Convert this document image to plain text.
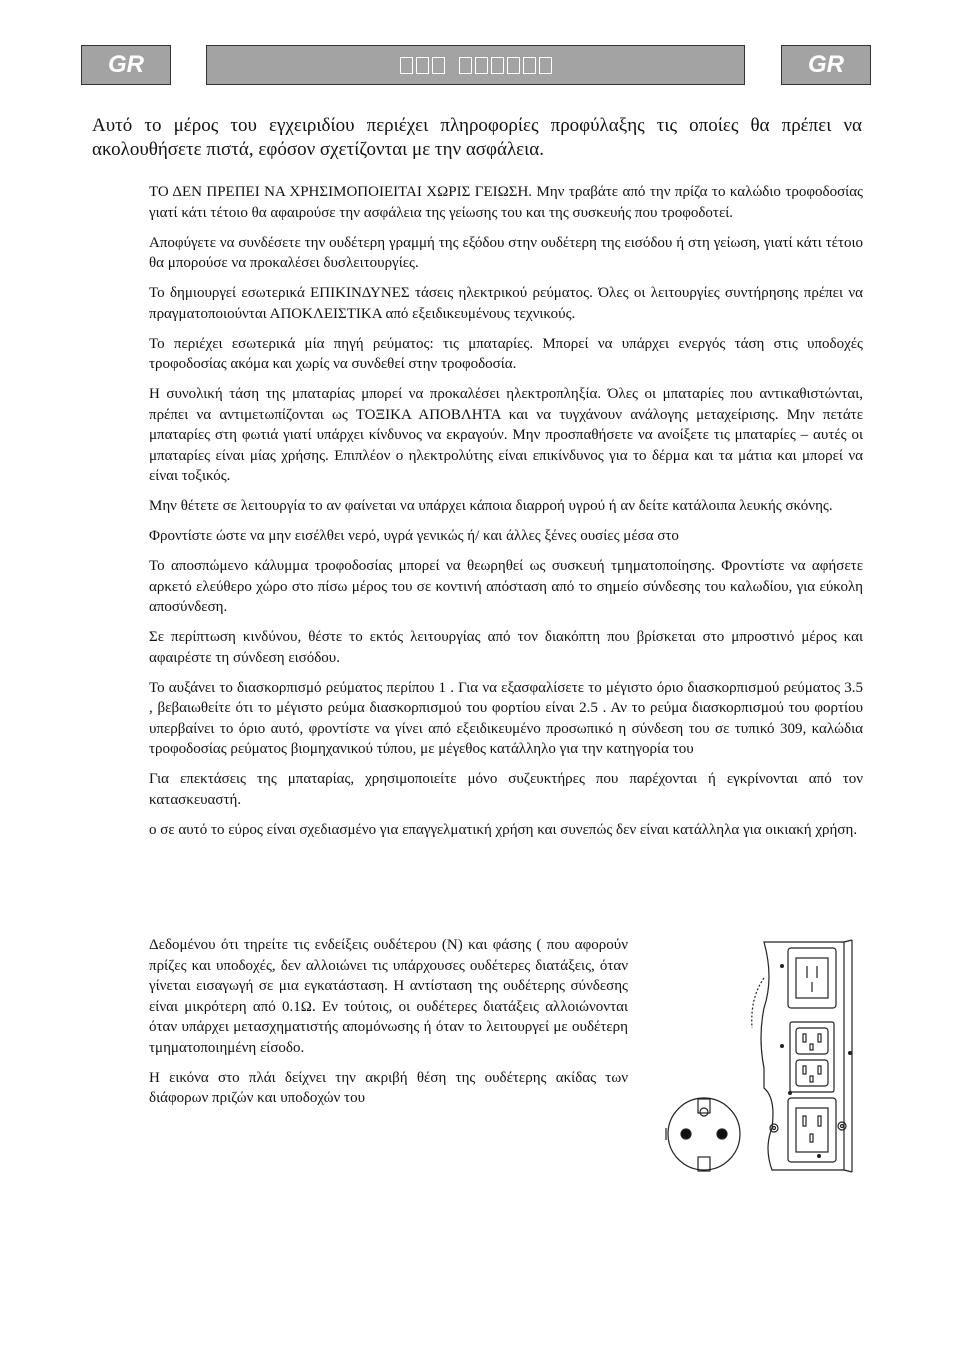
GR	GR

Αυτό το μέρος του εγχειριδίου περιέχει πληροφορίες προφύλαξης τις οποίες θα πρέπει να ακολουθήσετε πιστά, εφόσον σχετίζονται με την ασφάλεια.

ΤΟ ΔΕΝ ΠΡΕΠΕΙ ΝΑ ΧΡΗΣΙΜΟΠΟΙΕΙΤΑΙ ΧΩΡΙΣ ΓΕΙΩΣΗ. Μην τραβάτε από την πρίζα το καλώδιο τροφοδοσίας γιατί κάτι τέτοιο θα αφαιρούσε την ασφάλεια της γείωσης του και της συσκευής που τροφοδοτεί.

Αποφύγετε να συνδέσετε την ουδέτερη γραμμή της εξόδου στην ουδέτερη της εισόδου ή στη γείωση, γιατί κάτι τέτοιο θα μπορούσε να προκαλέσει δυσλειτουργίες.

Το δημιουργεί εσωτερικά ΕΠΙΚΙΝΔΥΝΕΣ τάσεις ηλεκτρικού ρεύματος. Όλες οι λειτουργίες συντήρησης πρέπει να πραγματοποιούνται ΑΠΟΚΛΕΙΣΤΙΚΑ από εξειδικευμένους τεχνικούς.

Το περιέχει εσωτερικά μία πηγή ρεύματος: τις μπαταρίες. Μπορεί να υπάρχει ενεργός τάση στις υποδοχές τροφοδοσίας ακόμα και χωρίς να συνδεθεί στην τροφοδοσία.

Η συνολική τάση της μπαταρίας μπορεί να προκαλέσει ηλεκτροπληξία. Όλες οι μπαταρίες που αντικαθιστώνται, πρέπει να αντιμετωπίζονται ως ΤΟΞΙΚΑ ΑΠΟΒΛΗΤΑ και να τυγχάνουν ανάλογης μεταχείρισης. Μην πετάτε μπαταρίες στη φωτιά γιατί υπάρχει κίνδυνος να εκραγούν. Μην προσπαθήσετε να ανοίξετε τις μπαταρίες – αυτές οι μπαταρίες είναι μίας χρήσης. Επιπλέον ο ηλεκτρολύτης είναι επικίνδυνος για το δέρμα και τα μάτια και μπορεί να είναι τοξικός.

Μην θέτετε σε λειτουργία το αν φαίνεται να υπάρχει κάποια διαρροή υγρού ή αν δείτε κατάλοιπα λευκής σκόνης.

Φροντίστε ώστε να μην εισέλθει νερό, υγρά γενικώς ή/ και άλλες ξένες ουσίες μέσα στο

Το αποσπώμενο κάλυμμα τροφοδοσίας μπορεί να θεωρηθεί ως συσκευή τμηματοποίησης. Φροντίστε να αφήσετε αρκετό ελεύθερο χώρο στο πίσω μέρος του σε κοντινή απόσταση από το σημείο σύνδεσης του καλωδίου, για εύκολη αποσύνδεση.

Σε περίπτωση κινδύνου, θέστε το εκτός λειτουργίας από τον διακόπτη που βρίσκεται στο μπροστινό μέρος και αφαιρέστε τη σύνδεση εισόδου.

Το αυξάνει το διασκορπισμό ρεύματος περίπου 1 . Για να εξασφαλίσετε το μέγιστο όριο διασκορπισμού ρεύματος 3.5 , βεβαιωθείτε ότι το μέγιστο ρεύμα διασκορπισμού του φορτίου είναι 2.5 . Αν το ρεύμα διασκορπισμού του φορτίου υπερβαίνει το όριο αυτό, φροντίστε να γίνει από εξειδικευμένο προσωπικό η σύνδεση του σε τυπικό 309, καλώδια τροφοδοσίας ρεύματος βιομηχανικού τύπου, με μέγεθος κατάλληλο για την κατηγορία του

Για επεκτάσεις της μπαταρίας, χρησιμοποιείτε μόνο συζευκτήρες που παρέχονται ή εγκρίνονται από τον κατασκευαστή.

ο σε αυτό το εύρος είναι σχεδιασμένο για επαγγελματική χρήση και συνεπώς δεν είναι κατάλληλα για οικιακή χρήση.

Δεδομένου ότι τηρείτε τις ενδείξεις ουδέτερου (N) και φάσης ( που αφορούν πρίζες και υποδοχές, δεν αλλοιώνει τις υπάρχουσες ουδέτερες διατάξεις, όταν γίνεται εισαγωγή σε μια εγκατάσταση. Η αντίσταση της ουδέτερης σύνδεσης είναι μικρότερη από 0.1Ω. Εν τούτοις, οι ουδέτερες διατάξεις αλλοιώνονται όταν υπάρχει μετασχηματιστής απομόνωσης ή όταν το λειτουργεί με ουδέτερη τμηματοποιημένη είσοδο.

Η εικόνα στο πλάι δείχνει την ακριβή θέση της ουδέτερης ακίδας των διάφορων πριζών και υποδοχών του
